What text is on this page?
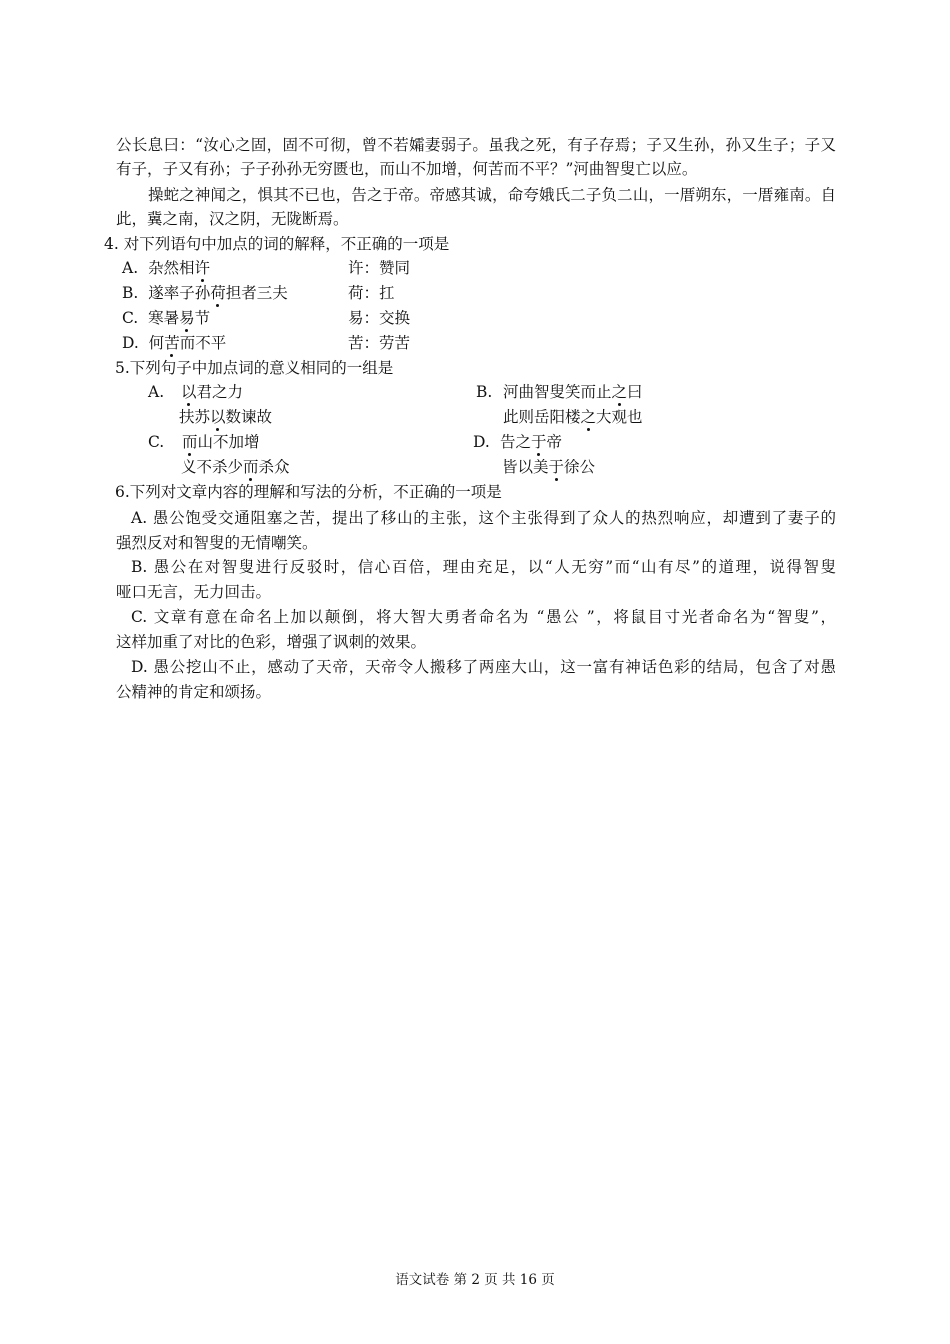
公长息曰：“汝心之固，固不可彻，曾不若孀妻弱子。虽我之死，有子存焉；子又生孙，孙又生子；子又
有子，子又有孙；子子孙孙无穷匮也，而山不加增，何苦而不平？”河曲智叟亡以应。
操蛇之神闻之，惧其不已也，告之于帝。帝感其诚，命夸娥氏二子负二山，一厝朔东，一厝雍南。自
此，冀之南，汉之阴，无陇断焉。
4. 对下列语句中加点的词的解释，不正确的一项是
A. 杂然相许	许：赞同
B. 遂率子孙荷担者三夫	荷：扛
C. 寒暑易节	易：交换
D. 何苦而不平	苦：劳苦
5.下列句子中加点词的意义相同的一组是
A. 以君之力
扶苏以数谏故
B. 河曲智叟笑而止之曰
此则岳阳楼之大观也
C. 而山不加增
义不杀少而杀众
D. 告之于帝
皆以美于徐公
6.下列对文章内容的理解和写法的分析，不正确的一项是
A. 愚公饱受交通阻塞之苦，提出了移山的主张，这个主张得到了众人的热烈响应，却遭到了妻子的
强烈反对和智叟的无情嘲笑。
B. 愚公在对智叟进行反驳时，信心百倍，理由充足，以“人无穷”而“山有尽”的道理，说得智叟
哑口无言，无力回击。
C. 文章有意在命名上加以颠倒，将大智大勇者命名为 “愚公 ”，将鼠目寸光者命名为“智叟”，
这样加重了对比的色彩，增强了讽刺的效果。
D. 愚公挖山不止，感动了天帝，天帝令人搬移了两座大山，这一富有神话色彩的结局，包含了对愚
公精神的肯定和颂扬。
语文试卷 第 2 页 共 16 页
